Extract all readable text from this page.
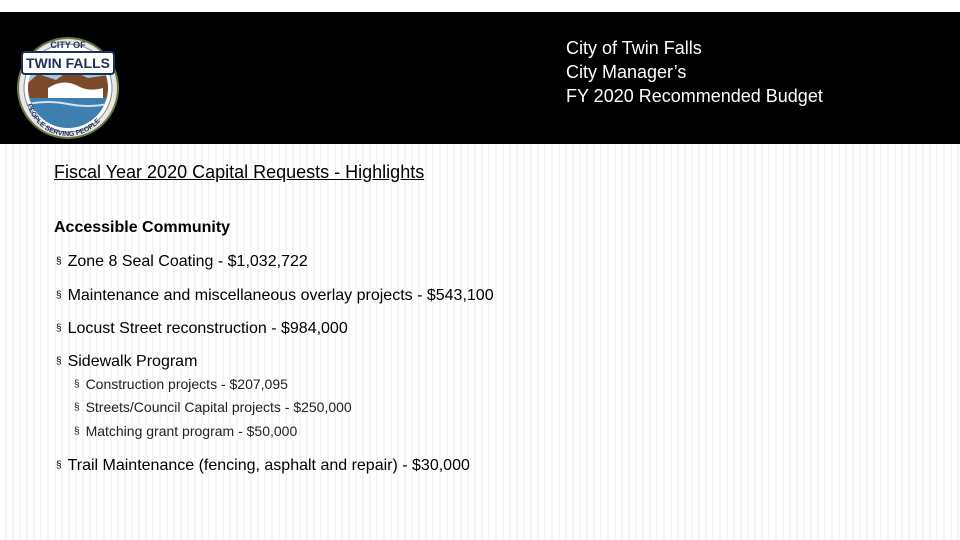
CITY OF
TWIN FALLS
PEOPLE SERVING PEOPLE
City of Twin Falls
City Manager’s
FY 2020 Recommended Budget
Fiscal Year 2020 Capital Requests - Highlights
Accessible Community
§ Zone 8 Seal Coating - $1,032,722
§ Maintenance and miscellaneous overlay projects - $543,100
§ Locust Street reconstruction - $984,000
§ Sidewalk Program
§ Construction projects - $207,095
§ Streets/Council Capital projects - $250,000
§ Matching grant program - $50,000
§ Trail Maintenance (fencing, asphalt and repair) - $30,000
